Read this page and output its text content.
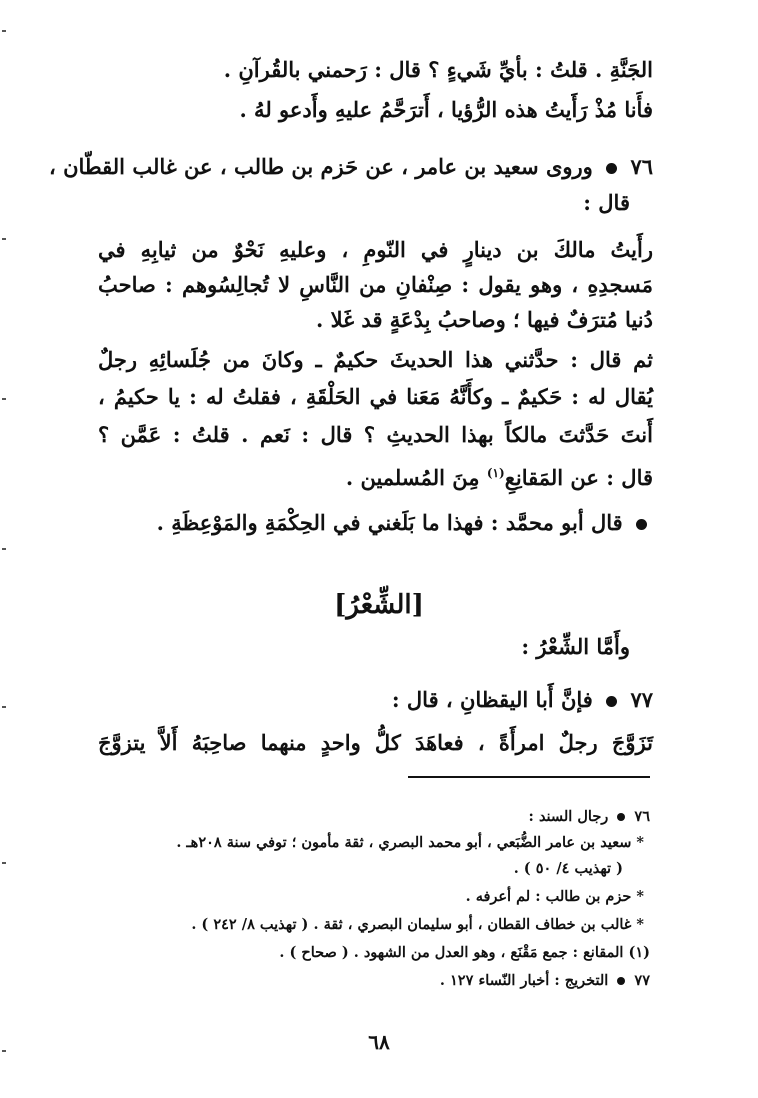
الجَنَّةِ . قلتُ : بأيِّ شَيءٍ ؟ قال : رَحمني بالقُرآنِ .
فأَنا مُذْ رَأَيتُ هذه الرُّؤيا ، أَترَحَّمُ عليهِ وأَدعو لهُ .
٧٦  وروى سعيد بن عامر ، عن حَزم بن طالب ، عن غالب القطّان ،
قال :
رأَيتُ مالكَ بن دينارٍ في النّومِ ، وعليهِ نَحْوٌ من ثيابِهِ في
مَسجدِهِ ، وهو يقول : صِنْفانِ من النَّاسِ لا تُجالِسُوهم : صاحبُ
دُنيا مُترَفٌ فيها ؛ وصاحبُ بِدْعَةٍ قد غَلا .
ثم قال : حدَّثني هذا الحديثَ حكيمٌ ـ وكانَ من جُلَسائِهِ رجلٌ
يُقال له : حَكيمٌ ـ وكأَنَّهُ مَعَنا في الحَلْقَةِ ، فقلتُ له : يا حكيمُ ،
أَنتَ حَدَّثتَ مالكاً بهذا الحديثِ ؟ قال : نَعم . قلتُ : عَمَّن ؟
قال : عن المَقانِعِ$^{(١)}$ مِنَ المُسلمين .
قال أبو محمَّد : فهذا ما بَلَغني في الحِكْمَةِ والمَوْعِظَةِ .
[الشِّعْرُ]
وأَمَّا الشِّعْرُ :
٧٧  فإنَّ أَبا اليقظانِ ، قال :
تَزَوَّجَ رجلٌ امرأَةً ، فعاهَدَ كلُّ واحدٍ منهما صاحِبَهُ أَلاَّ يتزوَّجَ
٧٦  رجال السند :
* سعيد بن عامر الضُّبَعي ، أبو محمد البصري ، ثقة مأمون ؛ توفي سنة ٢٠٨هـ .
( تهذيب ٤/ ٥٠ ) .
* حزم بن طالب : لم أعرفه .
* غالب بن خطاف القطان ، أبو سليمان البصري ، ثقة . ( تهذيب ٨/ ٢٤٢ ) .
(١) المقانع : جمع مَقْنَع ، وهو العدل من الشهود . ( صحاح ) .
٧٧  التخريج : أخبار النّساء ١٢٧ .
٦٨
